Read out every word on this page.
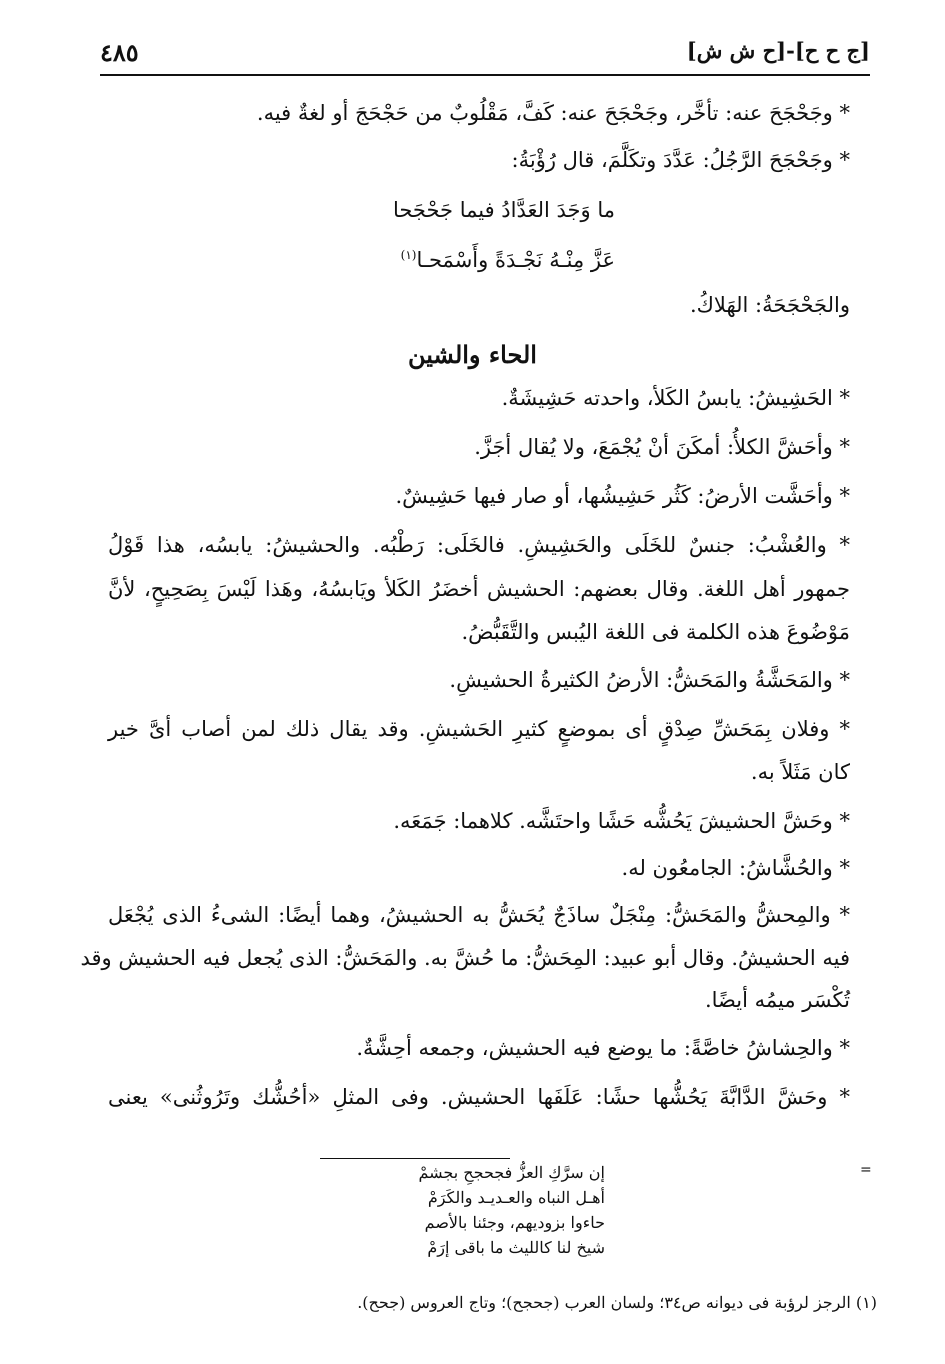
[ج ح ح]-[ح ش ش]
٤٨٥
* وجَحْجَحَ عنه: تأخَّر، وجَحْجَحَ عنه: كَفَّ، مَقْلُوبٌ من حَجْحَجَ أو لغةٌ فيه.
* وجَحْجَحَ الرَّجُلُ: عَدَّدَ وتكَلَّمَ، قال رُؤْبَةُ:
ما وَجَدَ العَدَّادُ فيما جَحْجَحا
عَزَّ مِنْـهُ نَجْـدَةً وأَسْمَحـا$^{(١)}$
والجَحْجَحَةُ: الهَلاكُ.
الحاء والشين
* الحَشِيشُ: يابسُ الكَلأ، واحدته حَشِيشَةٌ.
* وأحَشَّ الكلأُ: أمكَنَ أنْ يُجْمَعَ، ولا يُقال أجَزَّ.
* وأحَشَّت الأرضُ: كَثُر حَشِيشُها، أو صار فيها حَشِيشٌ.
* والعُشْبُ: جنسٌ للخَلَى والحَشِيشِ. فالخَلَى: رَطْبُه. والحشيشُ: يابسُه، هذا قَوْلُ
جمهور أهل اللغة. وقال بعضهم: الحشيش أخضَرُ الكَلأ ويَابسُهُ، وهَذا لَيْسَ بِصَحِيحٍ، لأنَّ
مَوْضُوعَ هذه الكلمة فى اللغة اليُبس والتَّقَبُّضُ.
* والمَحَشَّةُ والمَحَشُّ: الأرضُ الكثيرةُ الحشيشِ.
* وفلان بِمَحَشِّ صِدْقٍ أى بموضعٍ كثيرِ الحَشيشِ. وقد يقال ذلك لمن أصاب أىَّ خير
كان مَثَلاً به.
* وحَشَّ الحشيشَ يَحُشُّه حَشًا واحتَشَّه. كلاهما: جَمَعَه.
* والحُشَّاشُ: الجامعُون له.
* والمِحشُّ والمَحَشُّ: مِنْجَلٌ ساذَجٌ يُحَشُّ به الحشيشُ، وهما أيضًا: الشىءُ الذى يُجْعَل
فيه الحشيشُ. وقال أبو عبيد: المِحَشُّ: ما حُشَّ به. والمَحَشُّ: الذى يُجعل فيه الحشيش وقد
تُكْسَر ميمُه أيضًا.
* والحِشاشُ خاصَّةً: ما يوضع فيه الحشيش، وجمعه أحِشَّةٌ.
* وحَشَّ الدَّابَّةَ يَحُشُّها حشًا: عَلَفَها الحشيش. وفى المثلِ «أحُشُّك وتَرُوثُنى» يعنى
=
إن سرَّكِ العزُّ فجحجحِ بجشمْ
أهـل النباه والعـديـد والكَرَمْ
حاءوا بزوديهم، وجئنا بالأصم
شيخ لنا كالليث ما باقى إرَمْ
(١) الرجز لرؤبة فى ديوانه ص٣٤؛ ولسان العرب (جحجح)؛ وتاج العروس (جحح).
